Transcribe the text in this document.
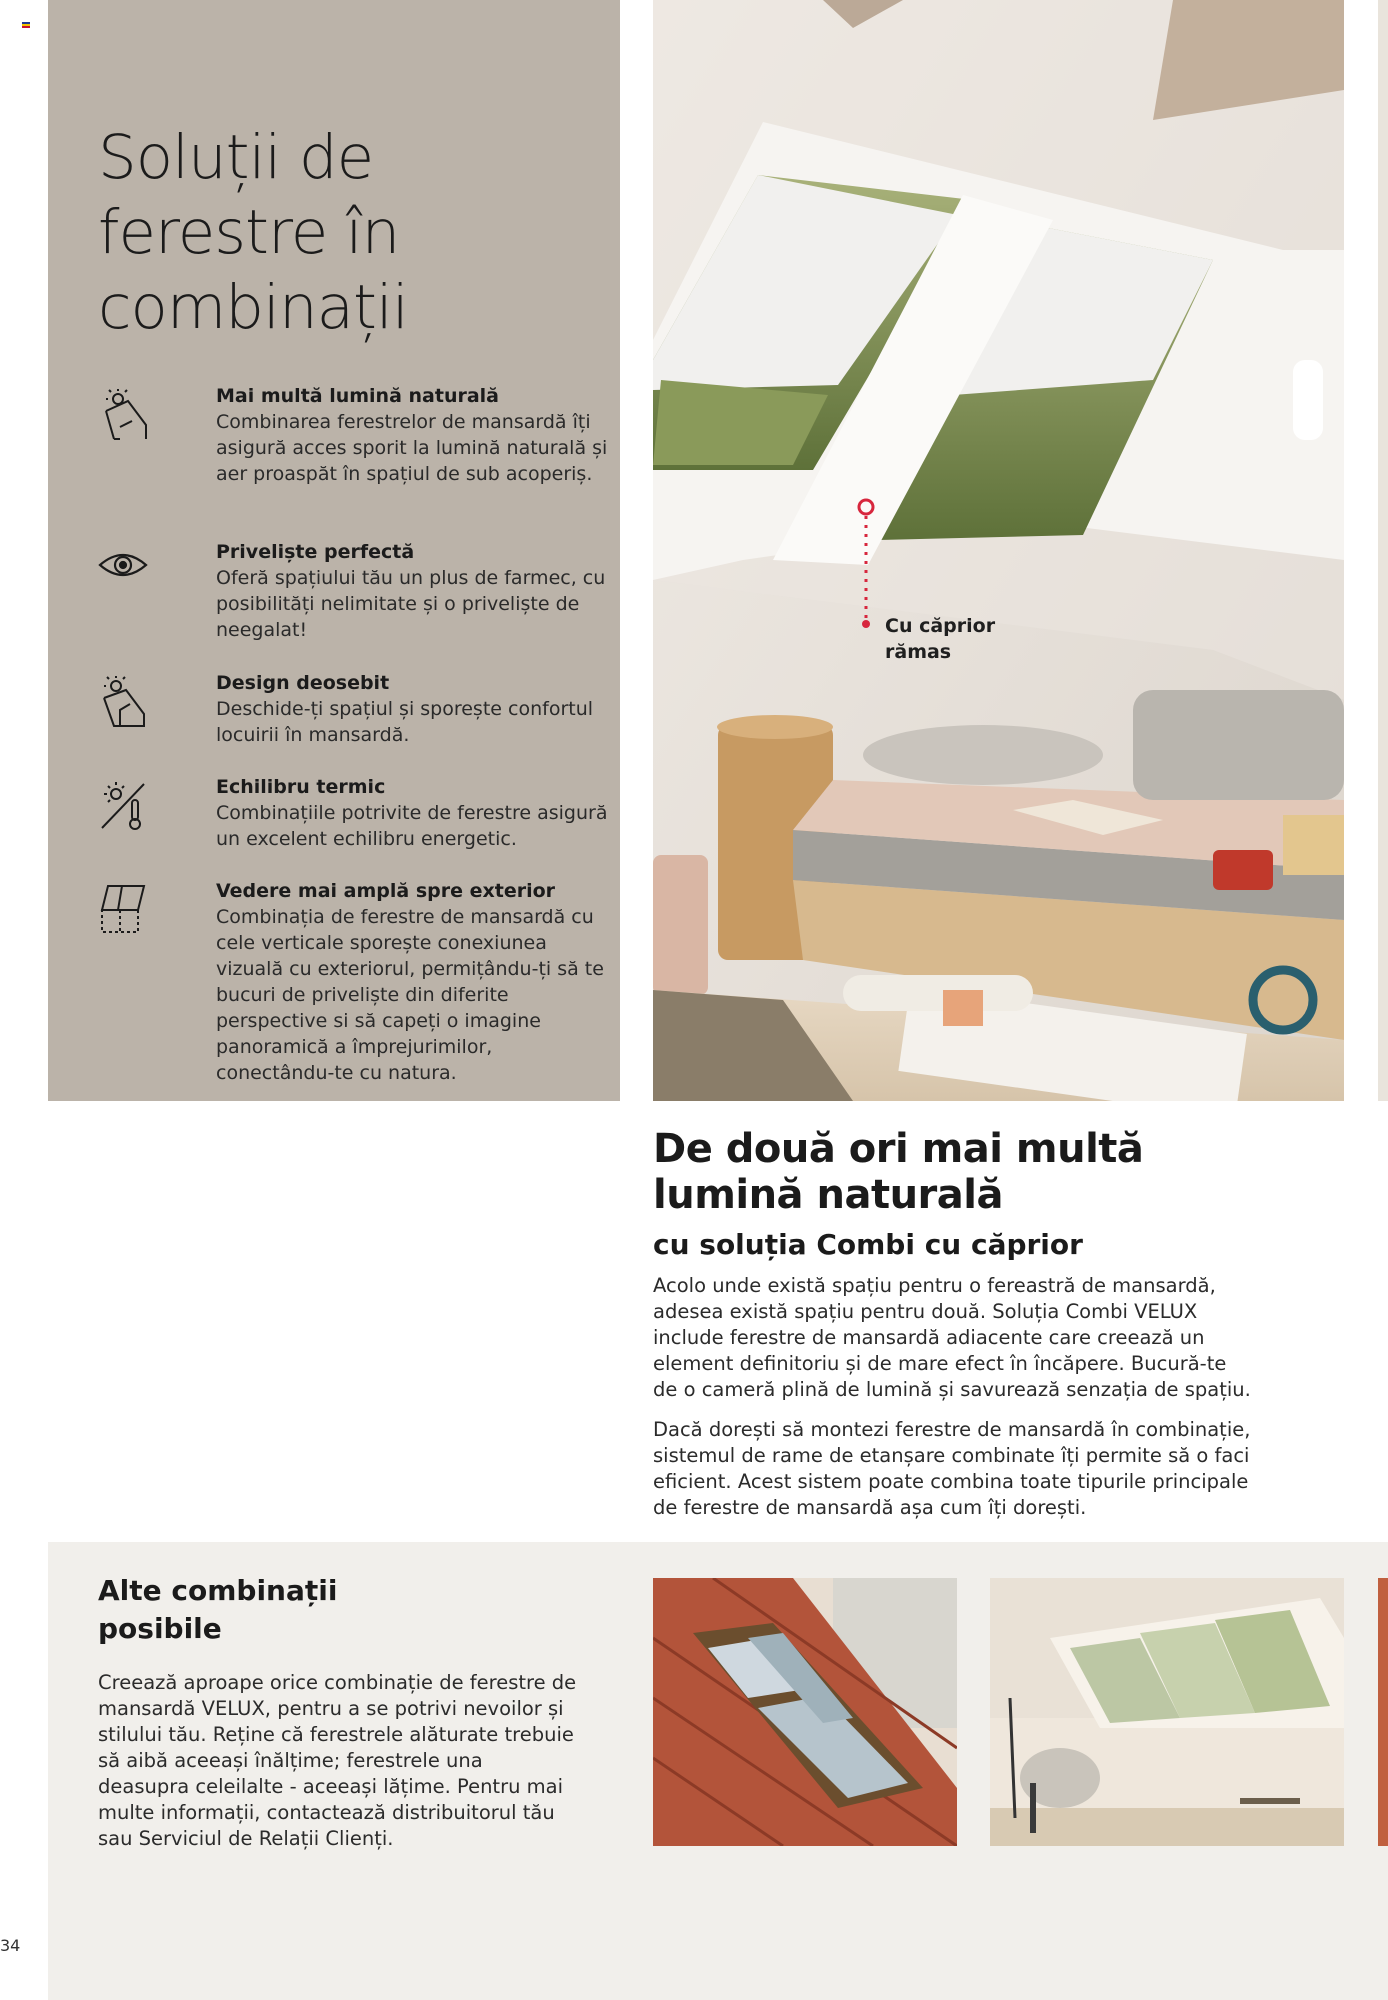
Soluții de ferestre în combinații
Mai multă lumină naturală
Combinarea ferestrelor de mansardă îți asigură acces sporit la lumină naturală și aer proaspăt în spațiul de sub acoperiș.
Priveliște perfectă
Oferă spațiului tău un plus de farmec, cu posibilități nelimitate și o priveliște de neegalat!
Design deosebit
Deschide-ți spațiul și sporește confortul locuirii în mansardă.
Echilibru termic
Combinațiile potrivite de ferestre asigură un excelent echilibru energetic.
Vedere mai amplă spre exterior
Combinația de ferestre de mansardă cu cele verticale sporește conexiunea vizuală cu exteriorul, permițându-ți să te bucuri de priveliște din diferite perspective si să capeți o imagine panoramică a împrejurimilor, conectându-te cu natura.
Cu căprior
rămas
De două ori mai multă
lumină naturală
cu soluția Combi cu căprior

Acolo unde există spațiu pentru o fereastră de mansardă, adesea există spațiu pentru două. Soluția Combi VELUX include ferestre de mansardă adiacente care creează un element definitoriu și de mare efect în încăpere. Bucură-te de o cameră plină de lumină și savurează senzația de spațiu.

Dacă dorești să montezi ferestre de mansardă în combinație, sistemul de rame de etanșare combinate îți permite să o faci eficient. Acest sistem poate combina toate tipurile principale de ferestre de mansardă așa cum îți dorești.

Alte combinații
posibile

Creează aproape orice combinație de ferestre de mansardă VELUX, pentru a se potrivi nevoilor și stilului tău. Reține că ferestrele alăturate trebuie să aibă aceeași înălțime; ferestrele una deasupra celeilalte - aceeași lățime. Pentru mai multe informații, contactează distribuitorul tău sau Serviciul de Relații Clienți.

34
